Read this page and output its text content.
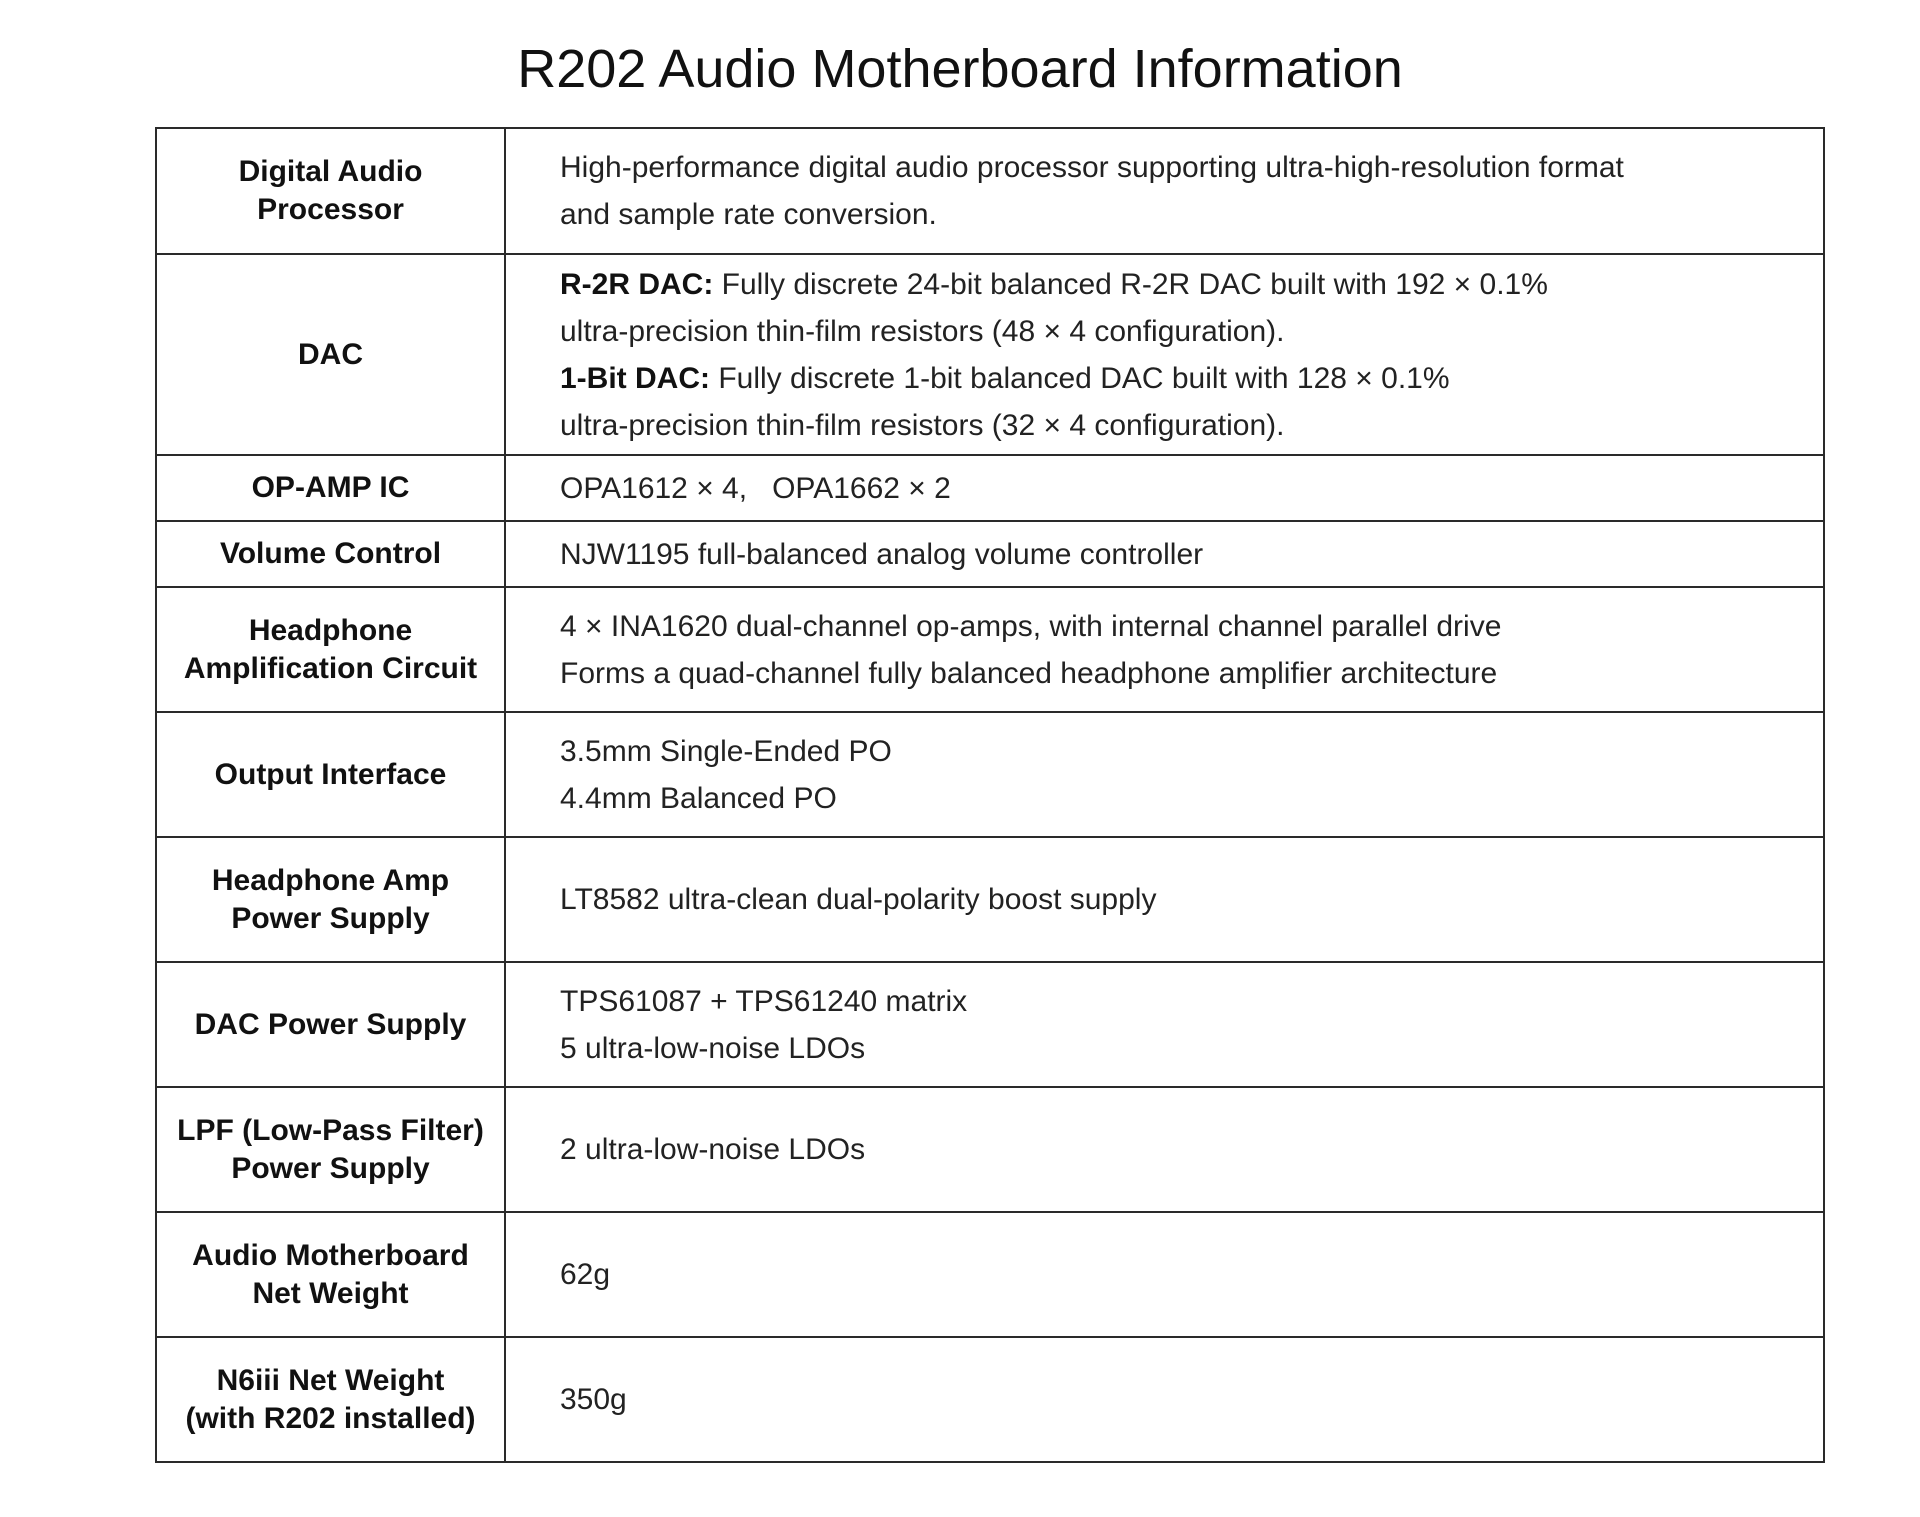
R202 Audio Motherboard Information
Digital Audio
Processor	High-performance digital audio processor supporting ultra-high-resolution format
and sample rate conversion.

DAC	R-2R DAC: Fully discrete 24-bit balanced R-2R DAC built with 192 × 0.1%
ultra-precision thin-film resistors (48 × 4 configuration).
1-Bit DAC: Fully discrete 1-bit balanced DAC built with 128 × 0.1%
ultra-precision thin-film resistors (32 × 4 configuration).

OP-AMP IC	OPA1612 × 4,   OPA1662 × 2

Volume Control	NJW1195 full-balanced analog volume controller

Headphone
Amplification Circuit	4 × INA1620 dual-channel op-amps, with internal channel parallel drive
Forms a quad-channel fully balanced headphone amplifier architecture

Output Interface	3.5mm Single-Ended PO
4.4mm Balanced PO

Headphone Amp
Power Supply	LT8582 ultra-clean dual-polarity boost supply

DAC Power Supply	TPS61087 + TPS61240 matrix
5 ultra-low-noise LDOs

LPF (Low-Pass Filter)
Power Supply	2 ultra-low-noise LDOs

Audio Motherboard
Net Weight	62g

N6iii Net Weight
(with R202 installed)	350g
